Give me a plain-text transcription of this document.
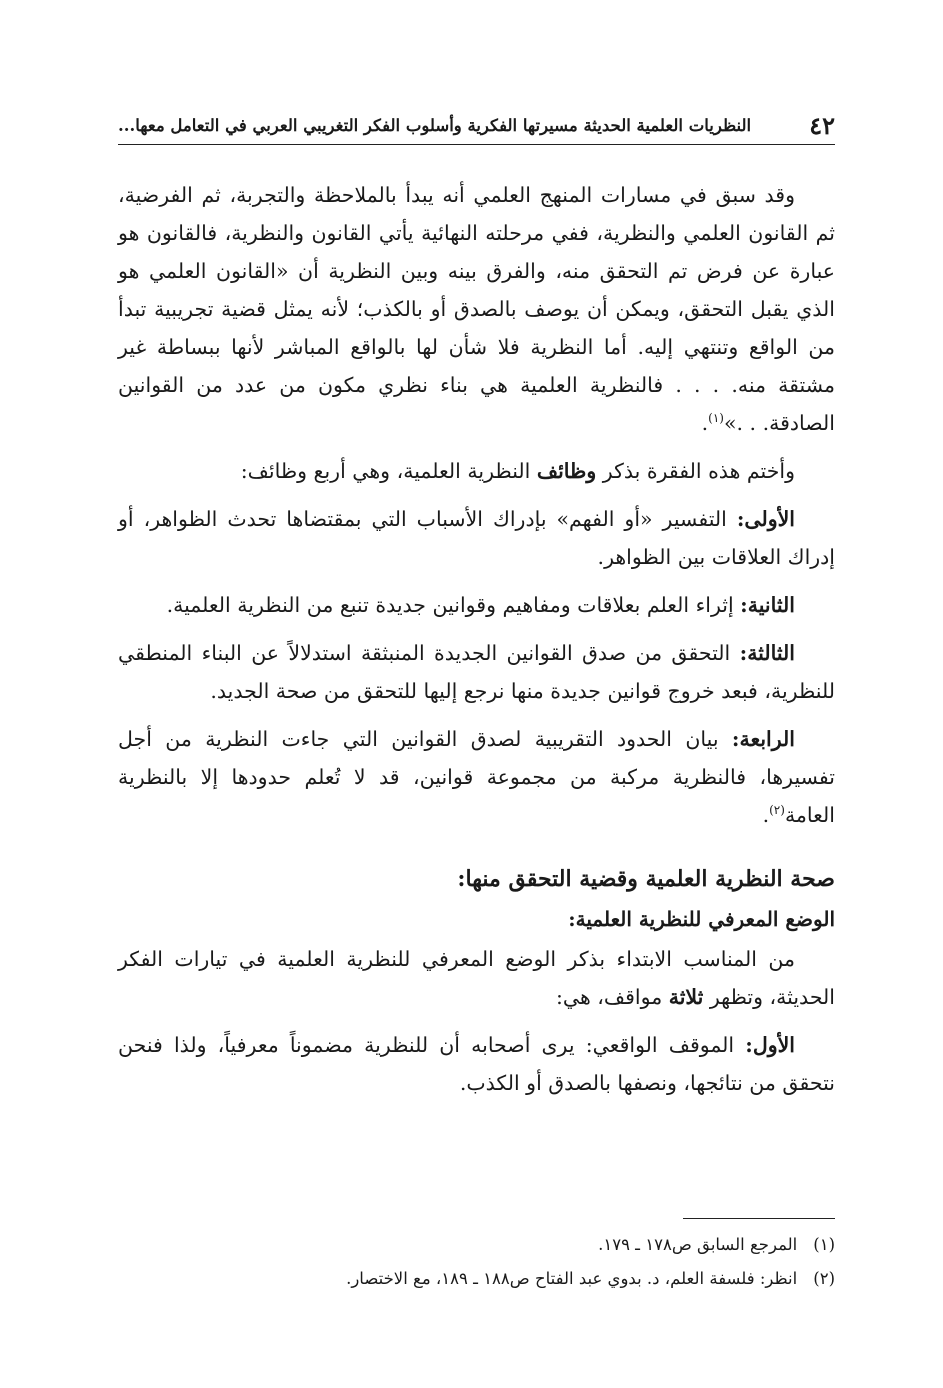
٤٢
النظريات العلمية الحديثة مسيرتها الفكرية وأسلوب الفكر التغريبي العربي في التعامل معها...

وقد سبق في مسارات المنهج العلمي أنه يبدأ بالملاحظة والتجربة، ثم الفرضية، ثم القانون العلمي والنظرية، ففي مرحلته النهائية يأتي القانون والنظرية، فالقانون هو عبارة عن فرض تم التحقق منه، والفرق بينه وبين النظرية أن «القانون العلمي هو الذي يقبل التحقق، ويمكن أن يوصف بالصدق أو بالكذب؛ لأنه يمثل قضية تجريبية تبدأ من الواقع وتنتهي إليه. أما النظرية فلا شأن لها بالواقع المباشر لأنها ببساطة غير مشتقة منه. . . . فالنظرية العلمية هي بناء نظري مكون من عدد من القوانين الصادقة. . .»$^{(١)}$.

وأختم هذه الفقرة بذكر وظائف النظرية العلمية، وهي أربع وظائف:

الأولى: التفسير «أو الفهم» بإدراك الأسباب التي بمقتضاها تحدث الظواهر، أو إدراك العلاقات بين الظواهر.

الثانية: إثراء العلم بعلاقات ومفاهيم وقوانين جديدة تنبع من النظرية العلمية.

الثالثة: التحقق من صدق القوانين الجديدة المنبثقة استدلالاً عن البناء المنطقي للنظرية، فبعد خروج قوانين جديدة منها نرجع إليها للتحقق من صحة الجديد.

الرابعة: بيان الحدود التقريبية لصدق القوانين التي جاءت النظرية من أجل تفسيرها، فالنظرية مركبة من مجموعة قوانين، قد لا تُعلم حدودها إلا بالنظرية العامة$^{(٢)}$.

صحة النظرية العلمية وقضية التحقق منها:

الوضع المعرفي للنظرية العلمية:

من المناسب الابتداء بذكر الوضع المعرفي للنظرية العلمية في تيارات الفكر الحديثة، وتظهر ثلاثة مواقف، هي:

الأول: الموقف الواقعي: يرى أصحابه أن للنظرية مضموناً معرفياً، ولذا فنحن نتحقق من نتائجها، ونصفها بالصدق أو الكذب.

(١)
المرجع السابق ص١٧٨ ـ ١٧٩.
(٢)
انظر: فلسفة العلم، د. بدوي عبد الفتاح ص١٨٨ ـ ١٨٩، مع الاختصار.
